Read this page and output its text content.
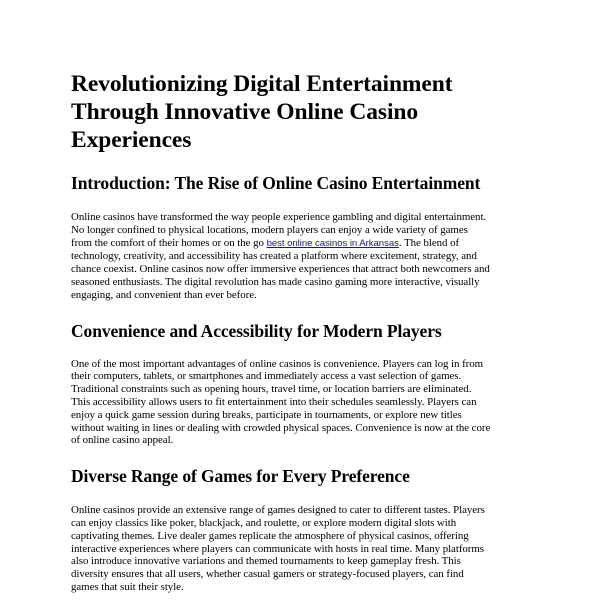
Revolutionizing Digital Entertainment
Through Innovative Online Casino
Experiences
Introduction: The Rise of Online Casino Entertainment

Online casinos have transformed the way people experience gambling and digital entertainment.
No longer confined to physical locations, modern players can enjoy a wide variety of games
from the comfort of their homes or on the go best online casinos in Arkansas. The blend of
technology, creativity, and accessibility has created a platform where excitement, strategy, and
chance coexist. Online casinos now offer immersive experiences that attract both newcomers and
seasoned enthusiasts. The digital revolution has made casino gaming more interactive, visually
engaging, and convenient than ever before.

Convenience and Accessibility for Modern Players

One of the most important advantages of online casinos is convenience. Players can log in from
their computers, tablets, or smartphones and immediately access a vast selection of games.
Traditional constraints such as opening hours, travel time, or location barriers are eliminated.
This accessibility allows users to fit entertainment into their schedules seamlessly. Players can
enjoy a quick game session during breaks, participate in tournaments, or explore new titles
without waiting in lines or dealing with crowded physical spaces. Convenience is now at the core
of online casino appeal.

Diverse Range of Games for Every Preference

Online casinos provide an extensive range of games designed to cater to different tastes. Players
can enjoy classics like poker, blackjack, and roulette, or explore modern digital slots with
captivating themes. Live dealer games replicate the atmosphere of physical casinos, offering
interactive experiences where players can communicate with hosts in real time. Many platforms
also introduce innovative variations and themed tournaments to keep gameplay fresh. This
diversity ensures that all users, whether casual gamers or strategy-focused players, can find
games that suit their style.
